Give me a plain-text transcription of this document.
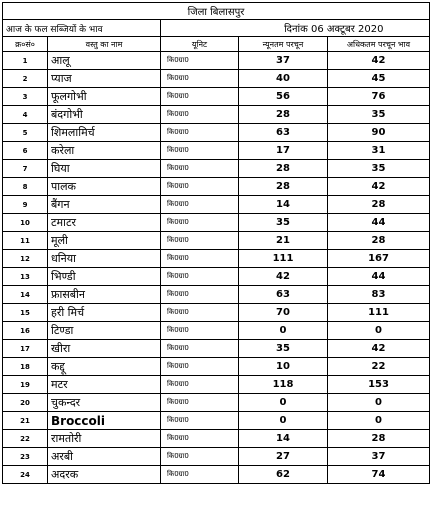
जिला बिलासपुर				
आज के फल सब्जियों के भाव			दिनांक 06 अक्टूबर 2020	
क्र०सं०	वस्तु का नाम	यूनिट	न्यूनतम परचून	अधिकतम परचून भाव
1	आलू	कि0ग्रा0	37	42
2	प्याज	कि0ग्रा0	40	45
3	फूलगोभी	कि0ग्रा0	56	76
4	बंदगोभी	कि0ग्रा0	28	35
5	शिमलामिर्च	कि0ग्रा0	63	90
6	करेला	कि0ग्रा0	17	31
7	घिया	कि0ग्रा0	28	35
8	पालक	कि0ग्रा0	28	42
9	बैंगन	कि0ग्रा0	14	28
10	टमाटर	कि0ग्रा0	35	44
11	मूली	कि0ग्रा0	21	28
12	धनिया	कि0ग्रा0	111	167
13	भिण्डी	कि0ग्रा0	42	44
14	फ्रासबीन	कि0ग्रा0	63	83
15	हरी मिर्च	कि0ग्रा0	70	111
16	टिण्डा	कि0ग्रा0	0	0
17	खीरा	कि0ग्रा0	35	42
18	कद्दू	कि0ग्रा0	10	22
19	मटर	कि0ग्रा0	118	153
20	चुकन्दर	कि0ग्रा0	0	0
21	Broccoli	कि0ग्रा0	0	0
22	रामतोरी	कि0ग्रा0	14	28
23	अरबी	कि0ग्रा0	27	37
24	अदरक	कि0ग्रा0	62	74
